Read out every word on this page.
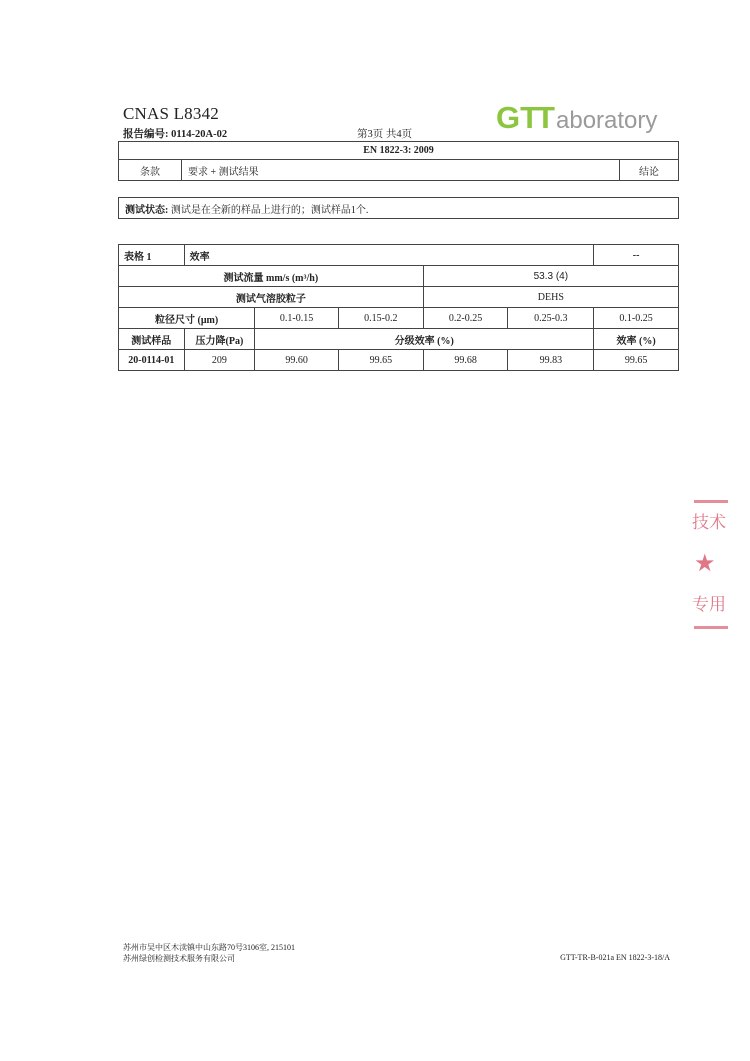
CNAS L8342
报告编号: 0114-20A-02	第3页 共4页	G TT aboratory
EN 1822-3: 2009
条款	要求 + 测试结果	结论
测试状态: 测试是在全新的样品上进行的；测试样品1个.
表格 1	效率					--
测试流量 mm/s (m³/h)				53.3 (4)		
测试气溶胶粒子				DEHS		
粒径尺寸 (μm)		0.1-0.15	0.15-0.2	0.2-0.25	0.25-0.3	0.1-0.25
测试样品	压力降(Pa)	分级效率 (%)				效率 (%)
20-0114-01	209	99.60	99.65	99.68	99.83	99.65
技术
★
专用
苏州市吴中区木渎镇中山东路70号3106室, 215101
苏州绿创检测技术服务有限公司	GTT-TR-B-021a EN 1822-3-18/A
